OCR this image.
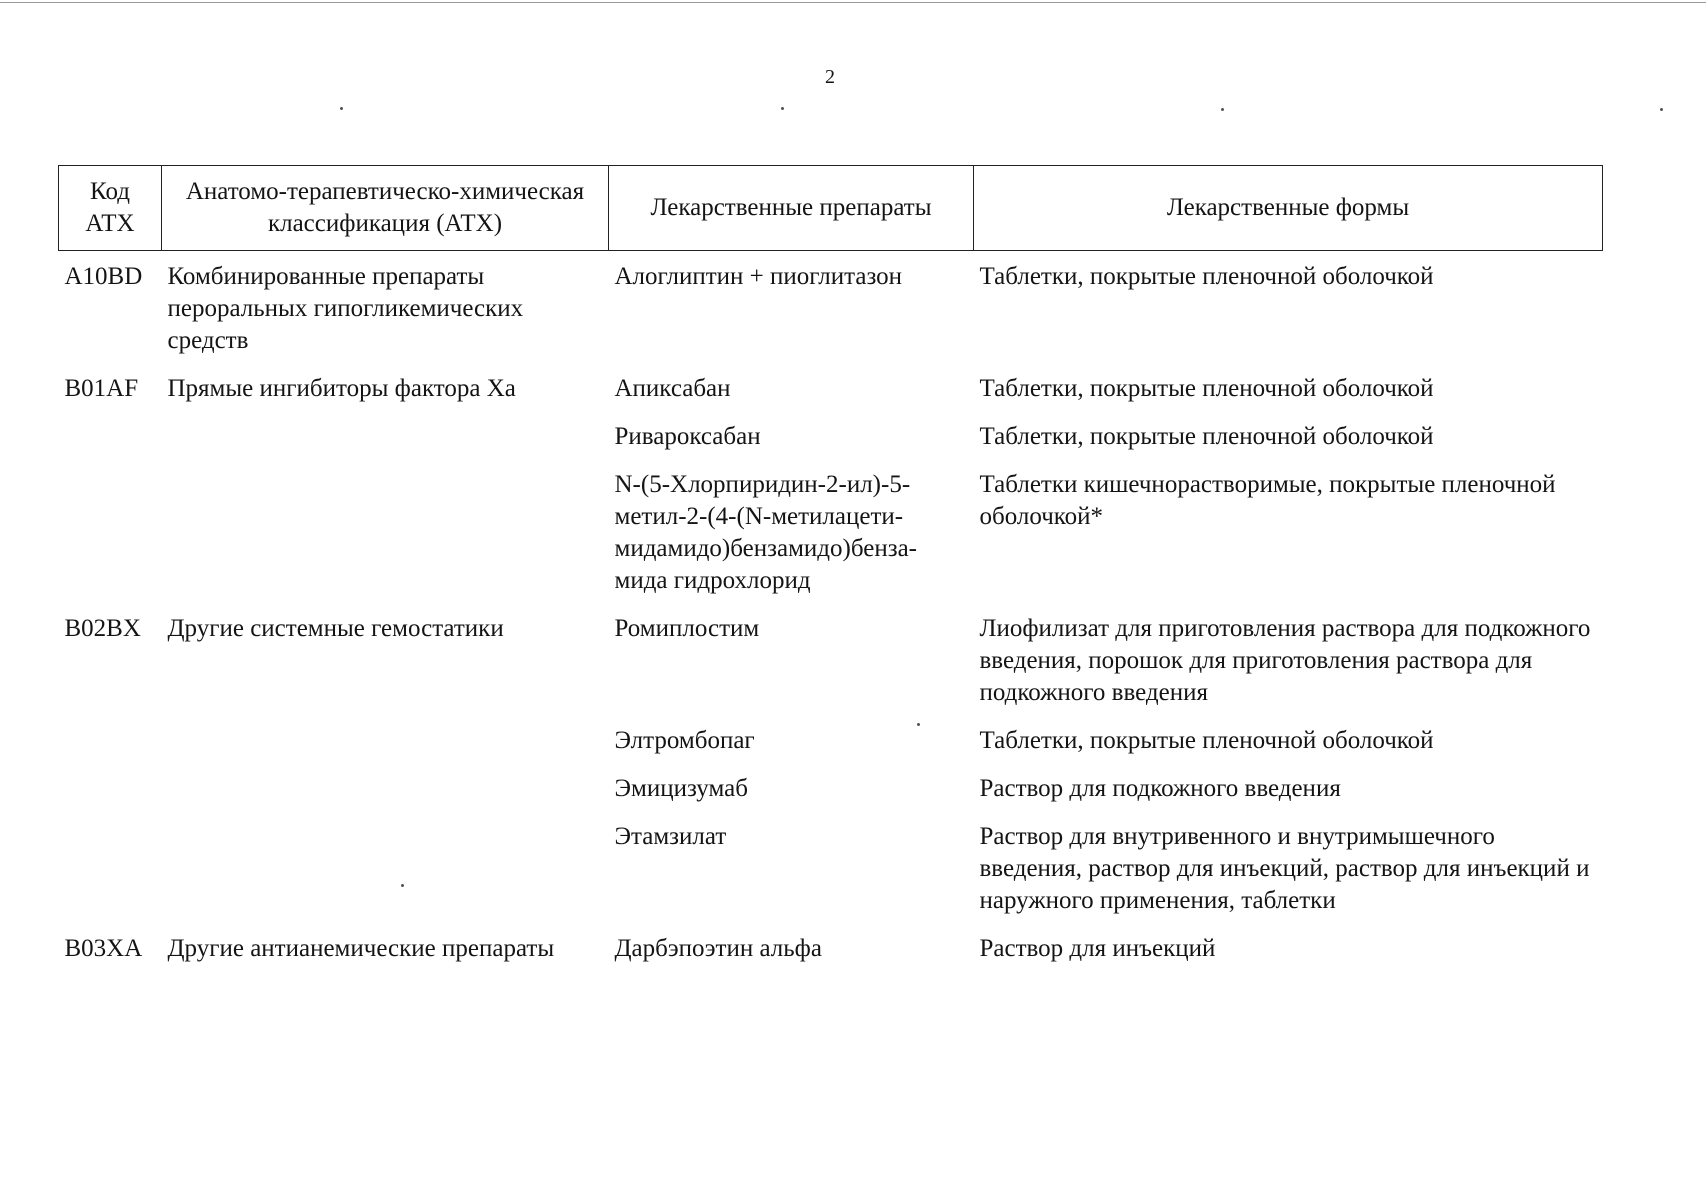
2
Код АТХ	Анатомо-терапевтическо-химическая классификация (АТХ)	Лекарственные препараты	Лекарственные формы
A10BD	Комбинированные препараты пероральных гипогликемических средств	Алоглиптин + пиоглитазон	Таблетки, покрытые пленочной оболочкой
B01AF	Прямые ингибиторы фактора Ха	Апиксабан	Таблетки, покрытые пленочной оболочкой
		Ривароксабан	Таблетки, покрытые пленочной оболочкой
		N-(5-Хлорпиридин-2-ил)-5-метил-2-(4-(N-метилацети-мидамидо)бензамидо)бенза-мида гидрохлорид	Таблетки кишечнорастворимые, покрытые пленочной оболочкой*
B02BX	Другие системные гемостатики	Ромиплостим	Лиофилизат для приготовления раствора для подкожного введения, порошок для приготовления раствора для подкожного введения
		Элтромбопаг	Таблетки, покрытые пленочной оболочкой
		Эмицизумаб	Раствор для подкожного введения
		Этамзилат	Раствор для внутривенного и внутримышечного введения, раствор для инъекций, раствор для инъекций и наружного применения, таблетки
B03XA	Другие антианемические препараты	Дарбэпоэтин альфа	Раствор для инъекций
